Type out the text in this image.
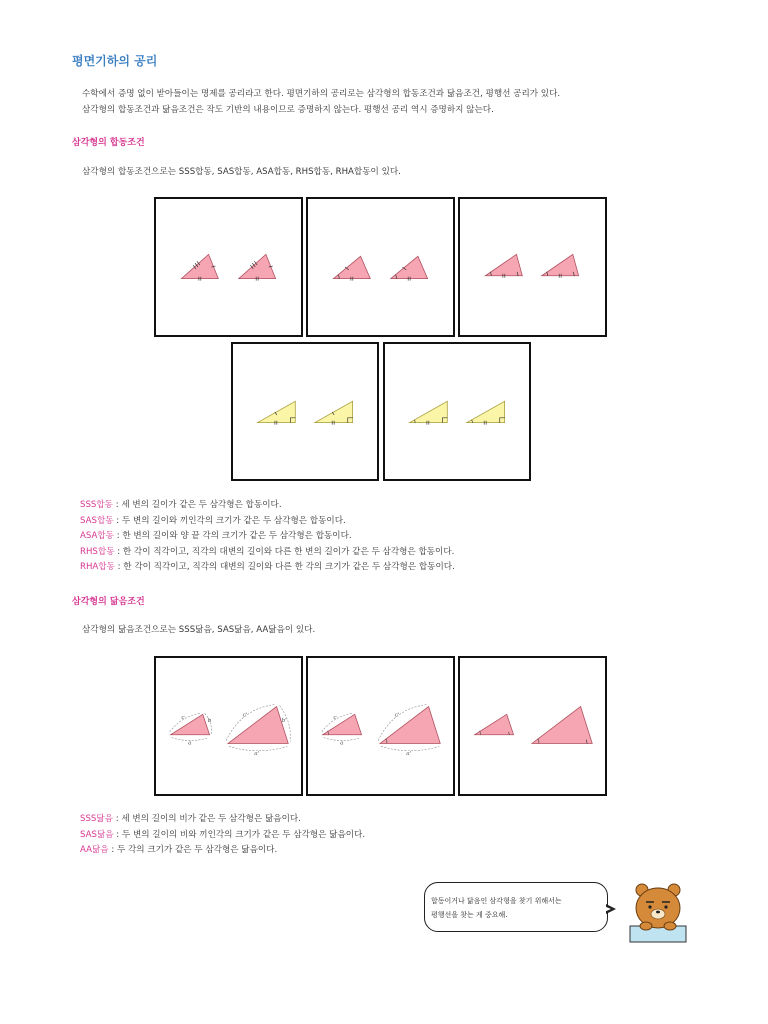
평면기하의 공리
수학에서 증명 없이 받아들이는 명제를 공리라고 한다. 평면기하의 공리로는 삼각형의 합동조건과 닮음조건, 평행선 공리가 있다.
삼각형의 합동조건과 닮음조건은 작도 기반의 내용이므로 증명하지 않는다. 평행선 공리 역시 증명하지 않는다.
삼각형의 합동조건
삼각형의 합동조건으로는 SSS합동, SAS합동, ASA합동, RHS합동, RHA합동이 있다.
SSS합동 : 세 변의 길이가 같은 두 삼각형은 합동이다.
SAS합동 : 두 변의 길이와 끼인각의 크기가 같은 두 삼각형은 합동이다.
ASA합동 : 한 변의 길이와 양 끝 각의 크기가 같은 두 삼각형은 합동이다.
RHS합동 : 한 각이 직각이고, 직각의 대변의 길이와 다른 한 변의 길이가 같은 두 삼각형은 합동이다.
RHA합동 : 한 각이 직각이고, 직각의 대변의 길이와 다른 한 각의 크기가 같은 두 삼각형은 합동이다.
삼각형의 닮음조건
삼각형의 닮음조건으로는 SSS닮음, SAS닮음, AA닮음이 있다.
a
c	b
a'
c'
b'
a
c
a'
c'
SSS닮음 : 세 변의 길이의 비가 같은 두 삼각형은 닮음이다.
SAS닮음 : 두 변의 길이의 비와 끼인각의 크기가 같은 두 삼각형은 닮음이다.
AA닮음 : 두 각의 크기가 같은 두 삼각형은 닮음이다.
합동이거나 닮음인 삼각형을 찾기 위해서는
평행선을 찾는 게 중요해.
